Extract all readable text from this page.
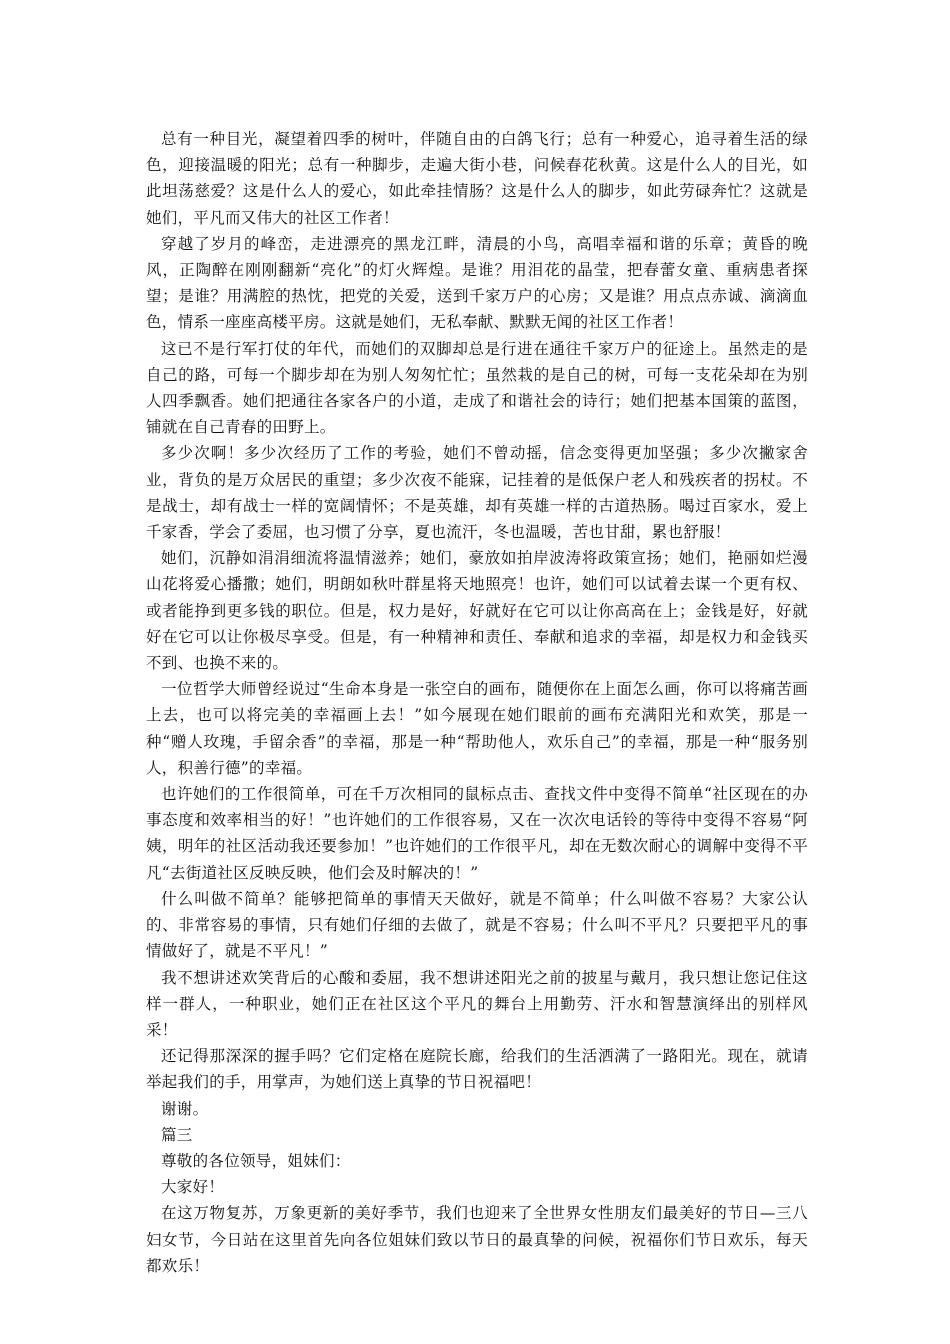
总有一种目光，凝望着四季的树叶，伴随自由的白鸽飞行；总有一种爱心，追寻着生活的绿色，迎接温暖的阳光；总有一种脚步，走遍大街小巷，问候春花秋黄。这是什么人的目光，如此坦荡慈爱？这是什么人的爱心，如此牵挂情肠？这是什么人的脚步，如此劳碌奔忙？这就是她们，平凡而又伟大的社区工作者！

穿越了岁月的峰峦，走进漂亮的黑龙江畔，清晨的小鸟，高唱幸福和谐的乐章；黄昏的晚风，正陶醉在刚刚翻新“亮化”的灯火辉煌。是谁？用泪花的晶莹，把春蕾女童、重病患者探望；是谁？用满腔的热忱，把党的关爱，送到千家万户的心房；又是谁？用点点赤诚、滴滴血色，情系一座座高楼平房。这就是她们，无私奉献、默默无闻的社区工作者！

这已不是行军打仗的年代，而她们的双脚却总是行进在通往千家万户的征途上。虽然走的是自己的路，可每一个脚步却在为别人匆匆忙忙；虽然栽的是自己的树，可每一支花朵却在为别人四季飘香。她们把通往各家各户的小道，走成了和谐社会的诗行；她们把基本国策的蓝图，铺就在自己青春的田野上。

多少次啊！多少次经历了工作的考验，她们不曾动摇，信念变得更加坚强；多少次撇家舍业，背负的是万众居民的重望；多少次夜不能寐，记挂着的是低保户老人和残疾者的拐杖。不是战士，却有战士一样的宽阔情怀；不是英雄，却有英雄一样的古道热肠。喝过百家水，爱上千家香，学会了委屈，也习惯了分享，夏也流汗，冬也温暖，苦也甘甜，累也舒服！

她们，沉静如涓涓细流将温情滋养；她们，豪放如拍岸波涛将政策宣扬；她们，艳丽如烂漫山花将爱心播撒；她们，明朗如秋叶群星将天地照亮！也许，她们可以试着去谋一个更有权、或者能挣到更多钱的职位。但是，权力是好，好就好在它可以让你高高在上；金钱是好，好就好在它可以让你极尽享受。但是，有一种精神和责任、奉献和追求的幸福，却是权力和金钱买不到、也换不来的。

一位哲学大师曾经说过“生命本身是一张空白的画布，随便你在上面怎么画，你可以将痛苦画上去，也可以将完美的幸福画上去！”如今展现在她们眼前的画布充满阳光和欢笑，那是一种“赠人玫瑰，手留余香”的幸福，那是一种“帮助他人，欢乐自己”的幸福，那是一种“服务别人，积善行德”的幸福。

也许她们的工作很简单，可在千万次相同的鼠标点击、查找文件中变得不简单“社区现在的办事态度和效率相当的好！”也许她们的工作很容易，又在一次次电话铃的等待中变得不容易“阿姨，明年的社区活动我还要参加！”也许她们的工作很平凡，却在无数次耐心的调解中变得不平凡“去街道社区反映反映，他们会及时解决的！”

什么叫做不简单？能够把简单的事情天天做好，就是不简单；什么叫做不容易？大家公认的、非常容易的事情，只有她们仔细的去做了，就是不容易；什么叫不平凡？只要把平凡的事情做好了，就是不平凡！”

我不想讲述欢笑背后的心酸和委屈，我不想讲述阳光之前的披星与戴月，我只想让您记住这样一群人，一种职业，她们正在社区这个平凡的舞台上用勤劳、汗水和智慧演绎出的别样风采！

还记得那深深的握手吗？它们定格在庭院长廊，给我们的生活洒满了一路阳光。现在，就请举起我们的手，用掌声，为她们送上真挚的节日祝福吧！

谢谢。

篇三

尊敬的各位领导，姐妹们：

大家好！

在这万物复苏，万象更新的美好季节，我们也迎来了全世界女性朋友们最美好的节日—三八妇女节，今日站在这里首先向各位姐妹们致以节日的最真挚的问候，祝福你们节日欢乐，每天都欢乐！
